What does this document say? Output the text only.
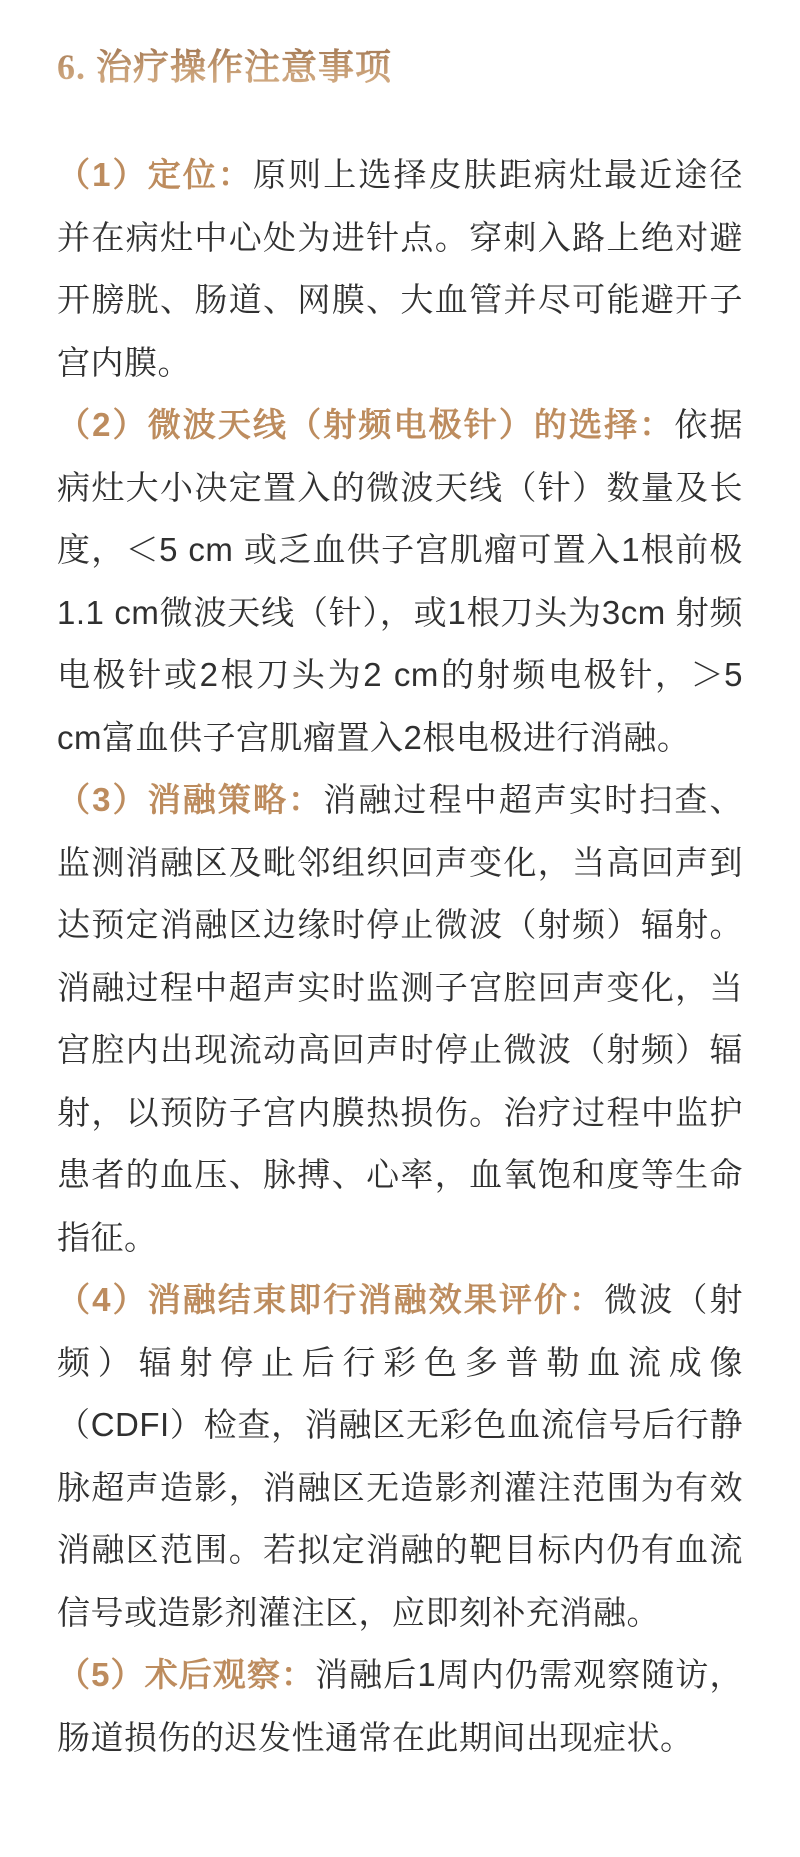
6. 治疗操作注意事项

（1）定位：原则上选择皮肤距病灶最近途径并在病灶中心处为进针点。穿刺入路上绝对避开膀胱、肠道、网膜、大血管并尽可能避开子宫内膜。

（2）微波天线（射频电极针）的选择：依据病灶大小决定置入的微波天线（针）数量及长度，＜5 cm 或乏血供子宫肌瘤可置入1根前极1.1 cm微波天线（针），或1根刀头为3cm 射频电极针或2根刀头为2 cm的射频电极针，＞5 cm富血供子宫肌瘤置入2根电极进行消融。

（3）消融策略：消融过程中超声实时扫查、监测消融区及毗邻组织回声变化，当高回声到达预定消融区边缘时停止微波（射频）辐射。消融过程中超声实时监测子宫腔回声变化，当宫腔内出现流动高回声时停止微波（射频）辐射，以预防子宫内膜热损伤。治疗过程中监护患者的血压、脉搏、心率，血氧饱和度等生命指征。

（4）消融结束即行消融效果评价：微波（射频）辐射停止后行彩色多普勒血流成像（CDFI）检查，消融区无彩色血流信号后行静脉超声造影，消融区无造影剂灌注范围为有效消融区范围。若拟定消融的靶目标内仍有血流信号或造影剂灌注区，应即刻补充消融。

（5）术后观察：消融后1周内仍需观察随访，肠道损伤的迟发性通常在此期间出现症状。
